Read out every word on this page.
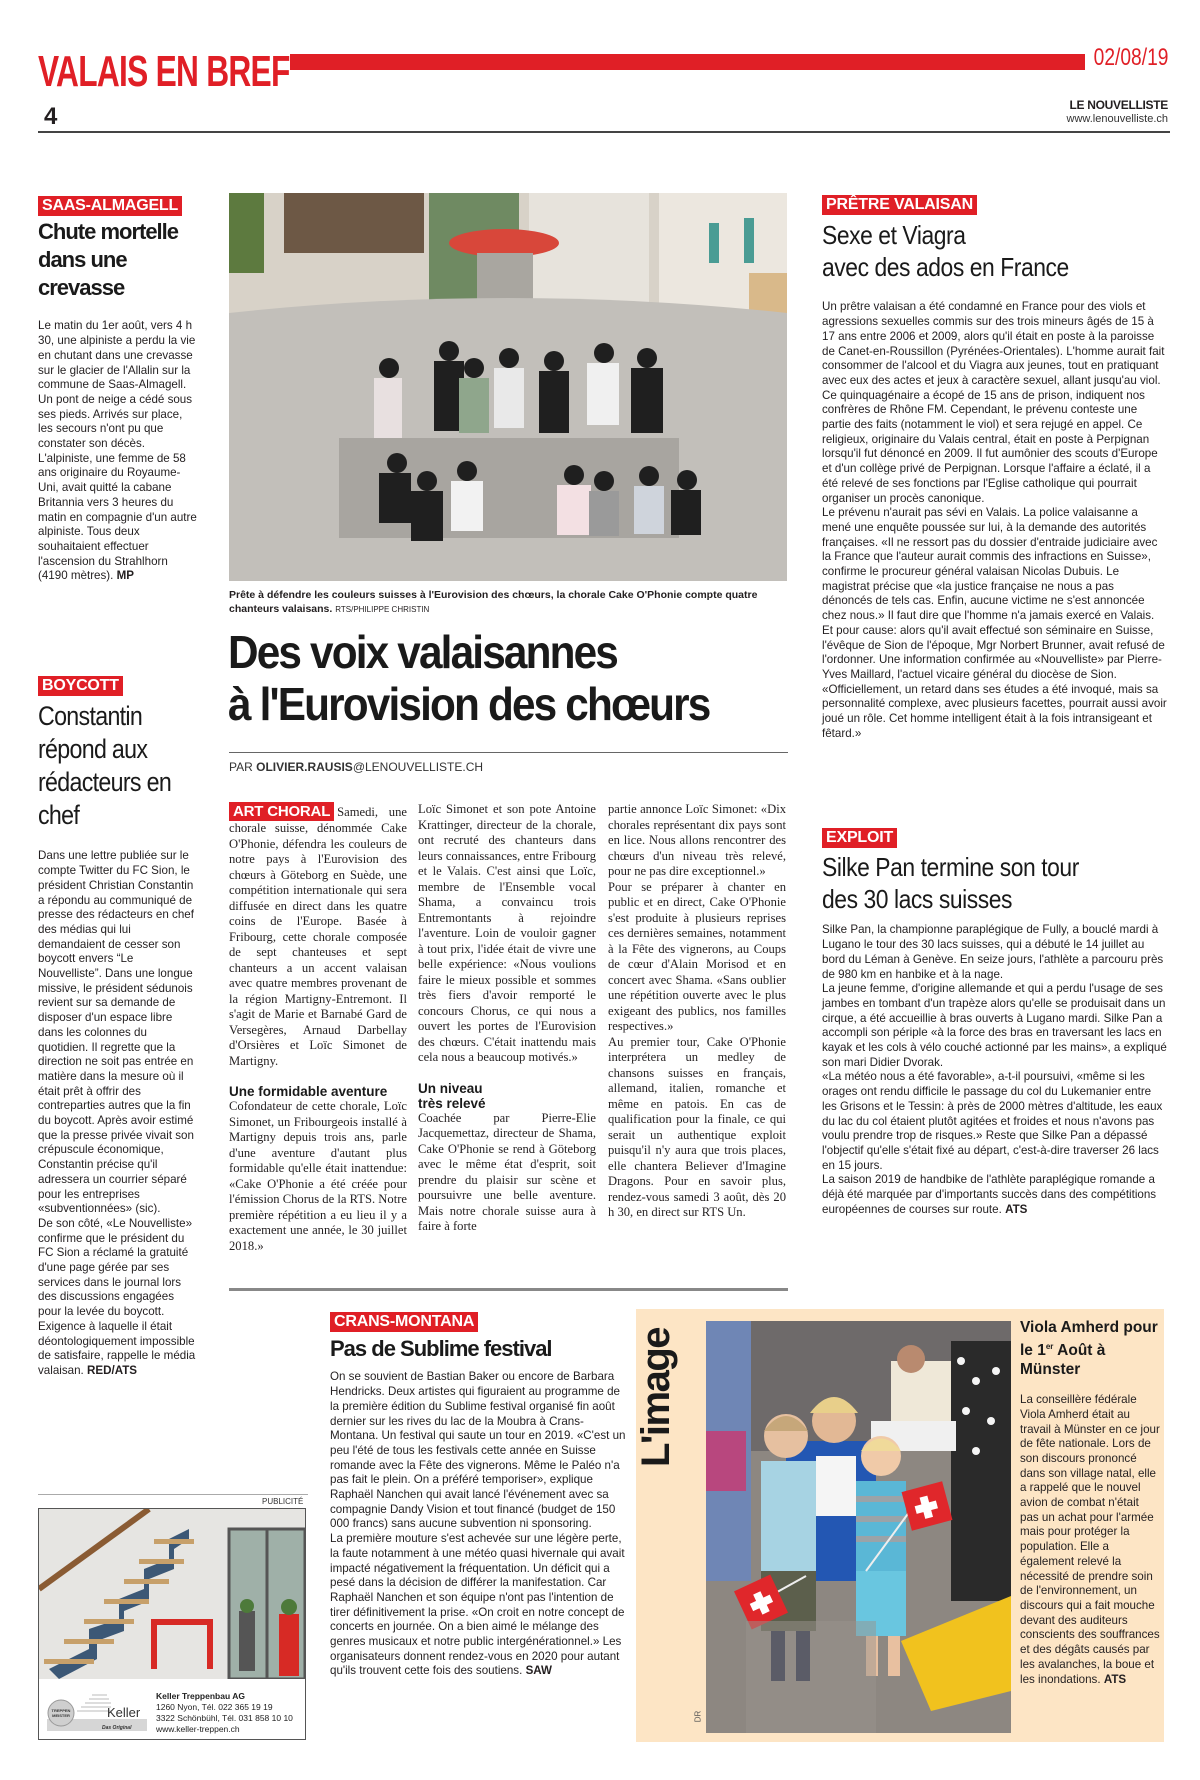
VALAIS EN BREF	02/08/19
4	LE NOUVELLISTE
www.lenouvelliste.ch
SAAS-ALMAGELL
Chute mortelle dans une crevasse

Le matin du 1er août, vers 4 h 30, une alpiniste a perdu la vie en chutant dans une crevasse sur le glacier de l'Allalin sur la commune de Saas-Almagell. Un pont de neige a cédé sous ses pieds. Arrivés sur place, les secours n'ont pu que constater son décès. L'alpiniste, une femme de 58 ans originaire du Royaume-Uni, avait quitté la cabane Britannia vers 3 heures du matin en compagnie d'un autre alpiniste. Tous deux souhaitaient effectuer l'ascension du Strahlhorn (4190 mètres). MP

BOYCOTT
Constantin répond aux rédacteurs en chef

Dans une lettre publiée sur le compte Twitter du FC Sion, le président Christian Constantin a répondu au communiqué de presse des rédacteurs en chef des médias qui lui demandaient de cesser son boycott envers “Le Nouvelliste”. Dans une longue missive, le président sédunois revient sur sa demande de disposer d'un espace libre dans les colonnes du quotidien. Il regrette que la direction ne soit pas entrée en matière dans la mesure où il était prêt à offrir des contreparties autres que la fin du boycott. Après avoir estimé que la presse privée vivait son crépuscule économique, Constantin précise qu'il adressera un courrier séparé pour les entreprises «subventionnées» (sic).

De son côté, «Le Nouvelliste» confirme que le président du FC Sion a réclamé la gratuité d'une page gérée par ses services dans le journal lors des discussions engagées pour la levée du boycott. Exigence à laquelle il était déontologiquement impossible de satisfaire, rappelle le média valaisan. RED/ATS

Prête à défendre les couleurs suisses à l'Eurovision des chœurs, la chorale Cake O'Phonie compte quatre chanteurs valaisans. RTS/PHILIPPE CHRISTIN
Des voix valaisannes
à l'Eurovision des chœurs
PAR OLIVIER.RAUSIS@LENOUVELLISTE.CH

ART CHORAL Samedi, une chorale suisse, dénommée Cake O'Phonie, défendra les couleurs de notre pays à l'Eurovision des chœurs à Göteborg en Suède, une compétition internationale qui sera diffusée en direct dans les quatre coins de l'Europe. Basée à Fribourg, cette chorale composée de sept chanteuses et sept chanteurs a un accent valaisan avec quatre membres provenant de la région Martigny-Entremont. Il s'agit de Marie et Barnabé Gard de Versegères, Arnaud Darbellay d'Orsières et Loïc Simonet de Martigny.

Une formidable aventure

Cofondateur de cette chorale, Loïc Simonet, un Fribourgeois installé à Martigny depuis trois ans, parle d'une aventure d'autant plus formidable qu'elle était inattendue: «Cake O'Phonie a été créée pour l'émission Chorus de la RTS. Notre première répétition a eu lieu il y a exactement une année, le 30 juillet 2018.»

Loïc Simonet et son pote Antoine Krattinger, directeur de la chorale, ont recruté des chanteurs dans leurs connaissances, entre Fribourg et le Valais. C'est ainsi que Loïc, membre de l'Ensemble vocal Shama, a convaincu trois Entremontants à rejoindre l'aventure. Loin de vouloir gagner à tout prix, l'idée était de vivre une belle expérience: «Nous voulions faire le mieux possible et sommes très fiers d'avoir remporté le concours Chorus, ce qui nous a ouvert les portes de l'Eurovision des chœurs. C'était inattendu mais cela nous a beaucoup motivés.»

Un niveau très relevé

Coachée par Pierre-Elie Jacquemettaz, directeur de Shama, Cake O'Phonie se rend à Göteborg avec le même état d'esprit, soit prendre du plaisir sur scène et poursuivre une belle aventure. Mais notre chorale suisse aura à faire à forte

partie annonce Loïc Simonet: «Dix chorales représentant dix pays sont en lice. Nous allons rencontrer des chœurs d'un niveau très relevé, pour ne pas dire exceptionnel.»

Pour se préparer à chanter en public et en direct, Cake O'Phonie s'est produite à plusieurs reprises ces dernières semaines, notamment à la Fête des vignerons, au Coups de cœur d'Alain Morisod et en concert avec Shama. «Sans oublier une répétition ouverte avec le plus exigeant des publics, nos familles respectives.»

Au premier tour, Cake O'Phonie interprétera un medley de chansons suisses en français, allemand, italien, romanche et même en patois. En cas de qualification pour la finale, ce qui serait un authentique exploit puisqu'il n'y aura que trois places, elle chantera Believer d'Imagine Dragons. Pour en savoir plus, rendez-vous samedi 3 août, dès 20 h 30, en direct sur RTS Un.

PRÊTRE VALAISAN
Sexe et Viagra
avec des ados en France

Un prêtre valaisan a été condamné en France pour des viols et agressions sexuelles commis sur des trois mineurs âgés de 15 à 17 ans entre 2006 et 2009, alors qu'il était en poste à la paroisse de Canet-en-Roussillon (Pyrénées-Orientales). L'homme aurait fait consommer de l'alcool et du Viagra aux jeunes, tout en pratiquant avec eux des actes et jeux à caractère sexuel, allant jusqu'au viol.

Ce quinquagénaire a écopé de 15 ans de prison, indiquent nos confrères de Rhône FM. Cependant, le prévenu conteste une partie des faits (notamment le viol) et sera rejugé en appel. Ce religieux, originaire du Valais central, était en poste à Perpignan lorsqu'il fut dénoncé en 2009. Il fut aumônier des scouts d'Europe et d'un collège privé de Perpignan. Lorsque l'affaire a éclaté, il a été relevé de ses fonctions par l'Eglise catholique qui pourrait organiser un procès canonique.

Le prévenu n'aurait pas sévi en Valais. La police valaisanne a mené une enquête poussée sur lui, à la demande des autorités françaises. «Il ne ressort pas du dossier d'entraide judiciaire avec la France que l'auteur aurait commis des infractions en Suisse», confirme le procureur général valaisan Nicolas Dubuis. Le magistrat précise que «la justice française ne nous a pas dénoncés de tels cas. Enfin, aucune victime ne s'est annoncée chez nous.» Il faut dire que l'homme n'a jamais exercé en Valais. Et pour cause: alors qu'il avait effectué son séminaire en Suisse, l'évêque de Sion de l'époque, Mgr Norbert Brunner, avait refusé de l'ordonner. Une information confirmée au «Nouvelliste» par Pierre-Yves Maillard, l'actuel vicaire général du diocèse de Sion. «Officiellement, un retard dans ses études a été invoqué, mais sa personnalité complexe, avec plusieurs facettes, pourrait aussi avoir joué un rôle. Cet homme intelligent était à la fois intransigeant et fêtard.»

EXPLOIT
Silke Pan termine son tour
des 30 lacs suisses

Silke Pan, la championne paraplégique de Fully, a bouclé mardi à Lugano le tour des 30 lacs suisses, qui a débuté le 14 juillet au bord du Léman à Genève. En seize jours, l'athlète a parcouru près de 980 km en hanbike et à la nage.

La jeune femme, d'origine allemande et qui a perdu l'usage de ses jambes en tombant d'un trapèze alors qu'elle se produisait dans un cirque, a été accueillie à bras ouverts à Lugano mardi. Silke Pan a accompli son périple «à la force des bras en traversant les lacs en kayak et les cols à vélo couché actionné par les mains», a expliqué son mari Didier Dvorak.

«La météo nous a été favorable», a-t-il poursuivi, «même si les orages ont rendu difficile le passage du col du Lukemanier entre les Grisons et le Tessin: à près de 2000 mètres d'altitude, les eaux du lac du col étaient plutôt agitées et froides et nous n'avons pas voulu prendre trop de risques.» Reste que Silke Pan a dépassé l'objectif qu'elle s'était fixé au départ, c'est-à-dire traverser 26 lacs en 15 jours.

La saison 2019 de handbike de l'athlète paraplégique romande a déjà été marquée par d'importants succès dans des compétitions européennes de courses sur route. ATS

CRANS-MONTANA
Pas de Sublime festival

On se souvient de Bastian Baker ou encore de Barbara Hendricks. Deux artistes qui figuraient au programme de la première édition du Sublime festival organisé fin août dernier sur les rives du lac de la Moubra à Crans-Montana. Un festival qui saute un tour en 2019. «C'est un peu l'été de tous les festivals cette année en Suisse romande avec la Fête des vignerons. Même le Paléo n'a pas fait le plein. On a préféré temporiser», explique Raphaël Nanchen qui avait lancé l'événement avec sa compagnie Dandy Vision et tout financé (budget de 150 000 francs) sans aucune subvention ni sponsoring.

La première mouture s'est achevée sur une légère perte, la faute notamment à une météo quasi hivernale qui avait impacté négativement la fréquentation. Un déficit qui a pesé dans la décision de différer la manifestation. Car Raphaël Nanchen et son équipe n'ont pas l'intention de tirer définitivement la prise. «On croit en notre concept de concerts en journée. On a bien aimé le mélange des genres musicaux et notre public intergénérationnel.» Les organisateurs donnent rendez-vous en 2020 pour autant qu'ils trouvent cette fois des soutiens. SAW

L'image
DR
Viola Amherd pour le 1er Août à Münster

La conseillère fédérale Viola Amherd était au travail à Münster en ce jour de fête nationale. Lors de son discours prononcé dans son village natal, elle a rappelé que le nouvel avion de combat n'était pas un achat pour l'armée mais pour protéger la population. Elle a également relevé la nécessité de prendre soin de l'environnement, un discours qui a fait mouche devant des auditeurs conscients des souffrances et des dégâts causés par les avalanches, la boue et les inondations. ATS

PUBLICITÉ
TREPPEN
MEISTER	Keller
Das Original
Keller Treppenbau AG
1260 Nyon, Tél. 022 365 19 19
3322 Schönbühl, Tél. 031 858 10 10
www.keller-treppen.ch
